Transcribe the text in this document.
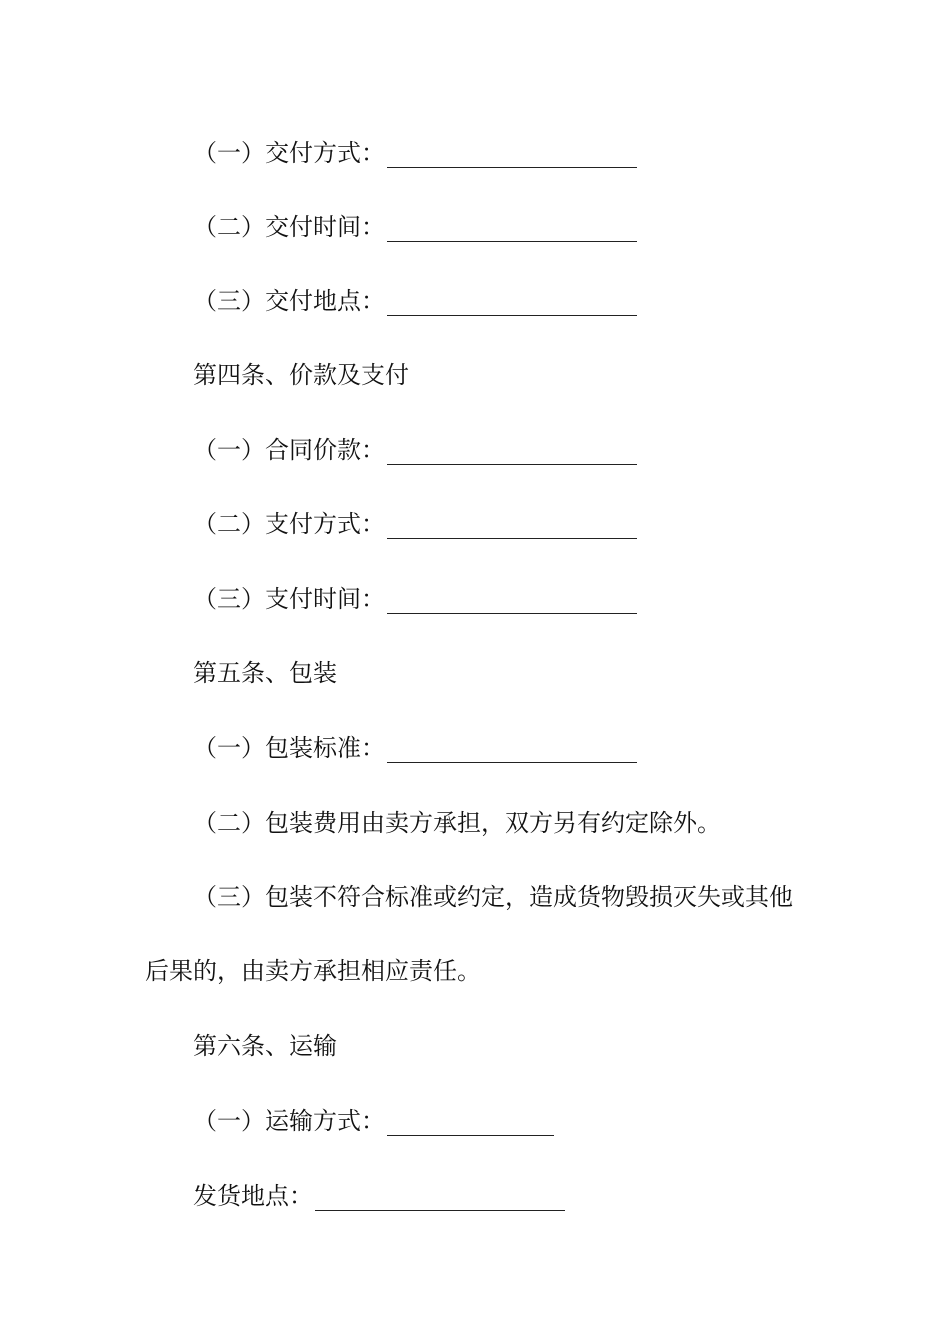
（一）交付方式：
（二）交付时间：
（三）交付地点：
第四条、价款及支付
（一）合同价款：
（二）支付方式：
（三）支付时间：
第五条、包装
（一）包装标准：
（二）包装费用由卖方承担，双方另有约定除外。
（三）包装不符合标准或约定，造成货物毁损灭失或其他
后果的，由卖方承担相应责任。
第六条、运输
（一）运输方式：
发货地点：
